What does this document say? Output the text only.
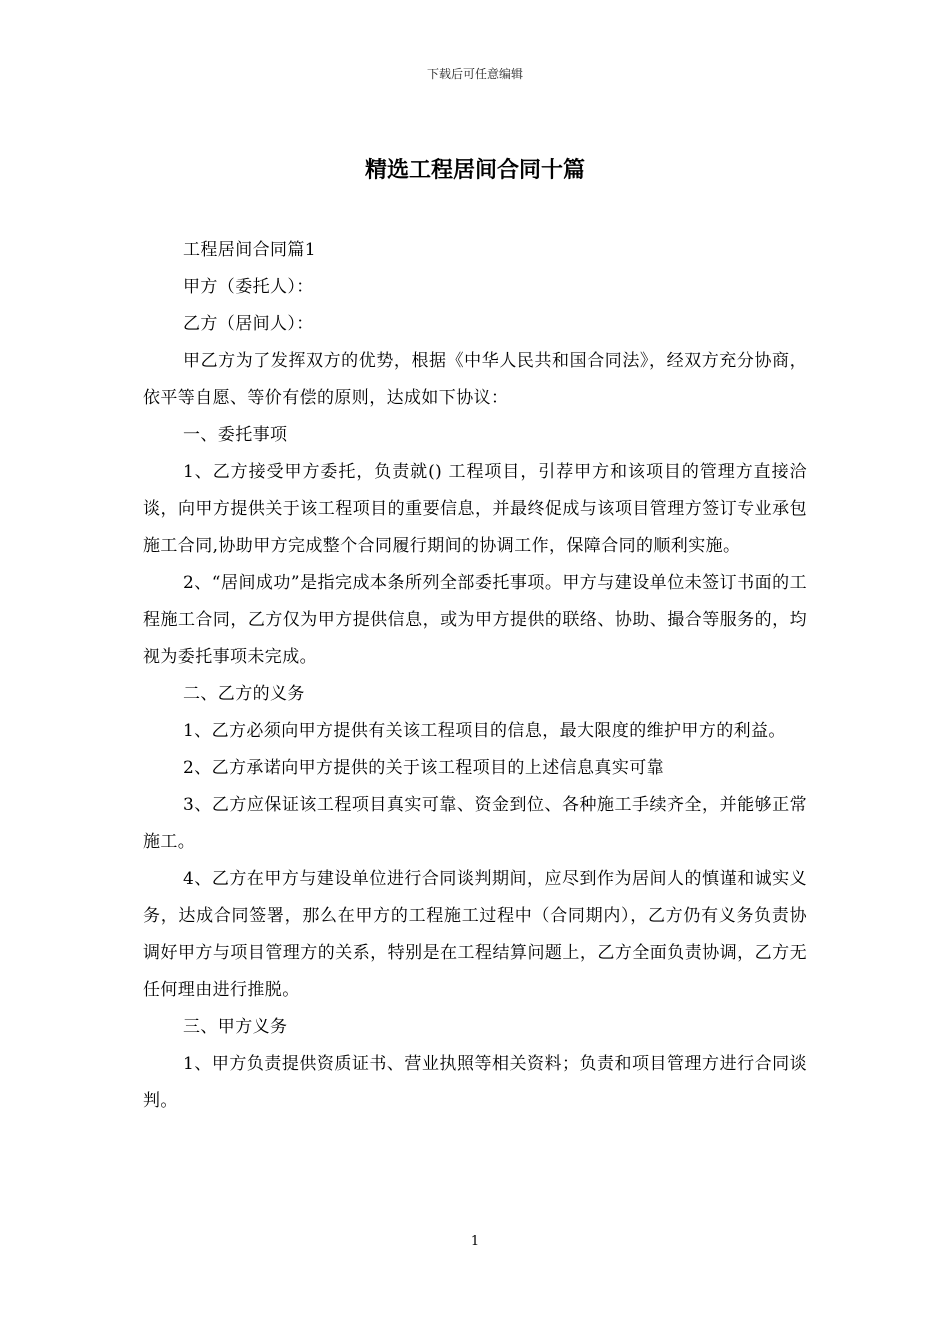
下载后可任意编辑
精选工程居间合同十篇

工程居间合同篇1

甲方（委托人）：

乙方（居间人）：

甲乙方为了发挥双方的优势，根据《中华人民共和国合同法》，经双方充分协商，依平等自愿、等价有偿的原则，达成如下协议：

一、委托事项

1、乙方接受甲方委托，负责就() 工程项目，引荐甲方和该项目的管理方直接洽谈，向甲方提供关于该工程项目的重要信息，并最终促成与该项目管理方签订专业承包施工合同,协助甲方完成整个合同履行期间的协调工作，保障合同的顺利实施。

2、“居间成功”是指完成本条所列全部委托事项。甲方与建设单位未签订书面的工程施工合同，乙方仅为甲方提供信息，或为甲方提供的联络、协助、撮合等服务的，均视为委托事项未完成。

二、乙方的义务

1、乙方必须向甲方提供有关该工程项目的信息，最大限度的维护甲方的利益。

2、乙方承诺向甲方提供的关于该工程项目的上述信息真实可靠

3、乙方应保证该工程项目真实可靠、资金到位、各种施工手续齐全，并能够正常施工。

4、乙方在甲方与建设单位进行合同谈判期间，应尽到作为居间人的慎谨和诚实义务，达成合同签署，那么在甲方的工程施工过程中（合同期内），乙方仍有义务负责协调好甲方与项目管理方的关系，特别是在工程结算问题上，乙方全面负责协调，乙方无任何理由进行推脱。

三、甲方义务

1、甲方负责提供资质证书、营业执照等相关资料；负责和项目管理方进行合同谈判。

1
